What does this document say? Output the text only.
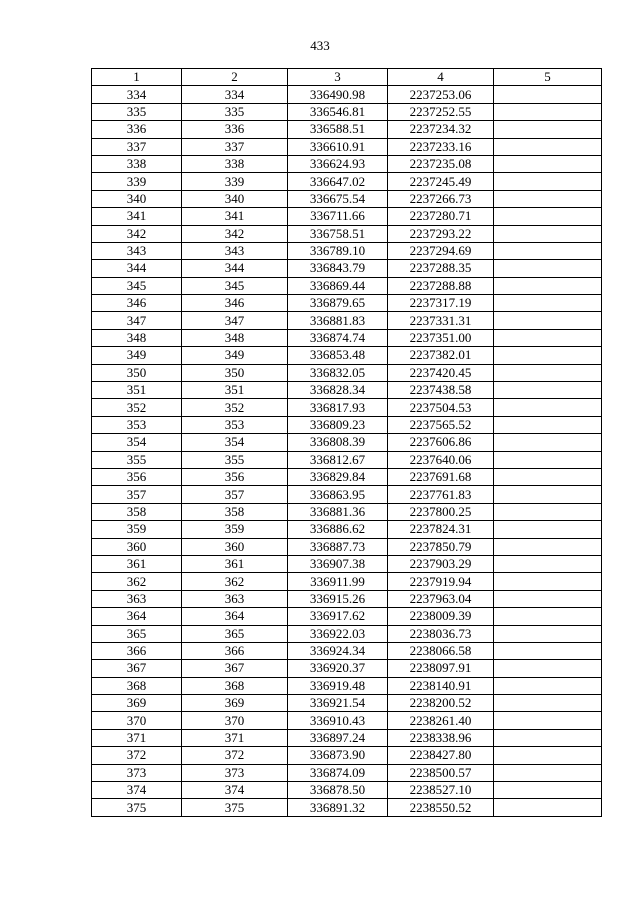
433
1	2	3	4	5
334	334	336490.98	2237253.06	
335	335	336546.81	2237252.55	
336	336	336588.51	2237234.32	
337	337	336610.91	2237233.16	
338	338	336624.93	2237235.08	
339	339	336647.02	2237245.49	
340	340	336675.54	2237266.73	
341	341	336711.66	2237280.71	
342	342	336758.51	2237293.22	
343	343	336789.10	2237294.69	
344	344	336843.79	2237288.35	
345	345	336869.44	2237288.88	
346	346	336879.65	2237317.19	
347	347	336881.83	2237331.31	
348	348	336874.74	2237351.00	
349	349	336853.48	2237382.01	
350	350	336832.05	2237420.45	
351	351	336828.34	2237438.58	
352	352	336817.93	2237504.53	
353	353	336809.23	2237565.52	
354	354	336808.39	2237606.86	
355	355	336812.67	2237640.06	
356	356	336829.84	2237691.68	
357	357	336863.95	2237761.83	
358	358	336881.36	2237800.25	
359	359	336886.62	2237824.31	
360	360	336887.73	2237850.79	
361	361	336907.38	2237903.29	
362	362	336911.99	2237919.94	
363	363	336915.26	2237963.04	
364	364	336917.62	2238009.39	
365	365	336922.03	2238036.73	
366	366	336924.34	2238066.58	
367	367	336920.37	2238097.91	
368	368	336919.48	2238140.91	
369	369	336921.54	2238200.52	
370	370	336910.43	2238261.40	
371	371	336897.24	2238338.96	
372	372	336873.90	2238427.80	
373	373	336874.09	2238500.57	
374	374	336878.50	2238527.10	
375	375	336891.32	2238550.52	
